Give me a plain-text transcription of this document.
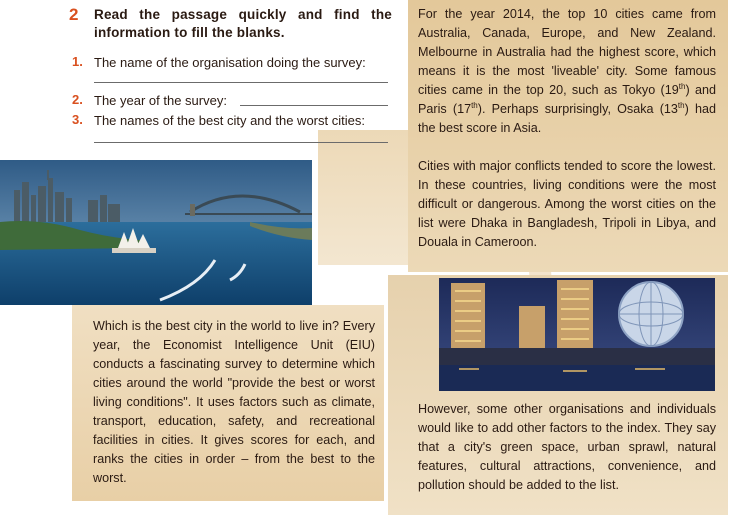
2 Read the passage quickly and find the information to fill the blanks.
1. The name of the organisation doing the survey:
2. The year of the survey:
3. The names of the best city and the worst cities:
Which is the best city in the world to live in? Every year, the Economist Intelligence Unit (EIU) conducts a fascinating survey to determine which cities around the world "provide the best or worst living conditions". It uses factors such as climate, transport, education, safety, and recreational facilities in cities. It gives scores for each, and ranks the cities in order – from the best to the worst.
For the year 2014, the top 10 cities came from Australia, Canada, Europe, and New Zealand. Melbourne in Australia had the highest score, which means it is the most 'liveable' city. Some famous cities came in the top 20, such as Tokyo (19th) and Paris (17th). Perhaps surprisingly, Osaka (13th) had the best score in Asia.
Cities with major conflicts tended to score the lowest. In these countries, living conditions were the most difficult or dangerous. Among the worst cities on the list were Dhaka in Bangladesh, Tripoli in Libya, and Douala in Cameroon.
However, some other organisations and individuals would like to add other factors to the index. They say that a city's green space, urban sprawl, natural features, cultural attractions, convenience, and pollution should be added to the list.
